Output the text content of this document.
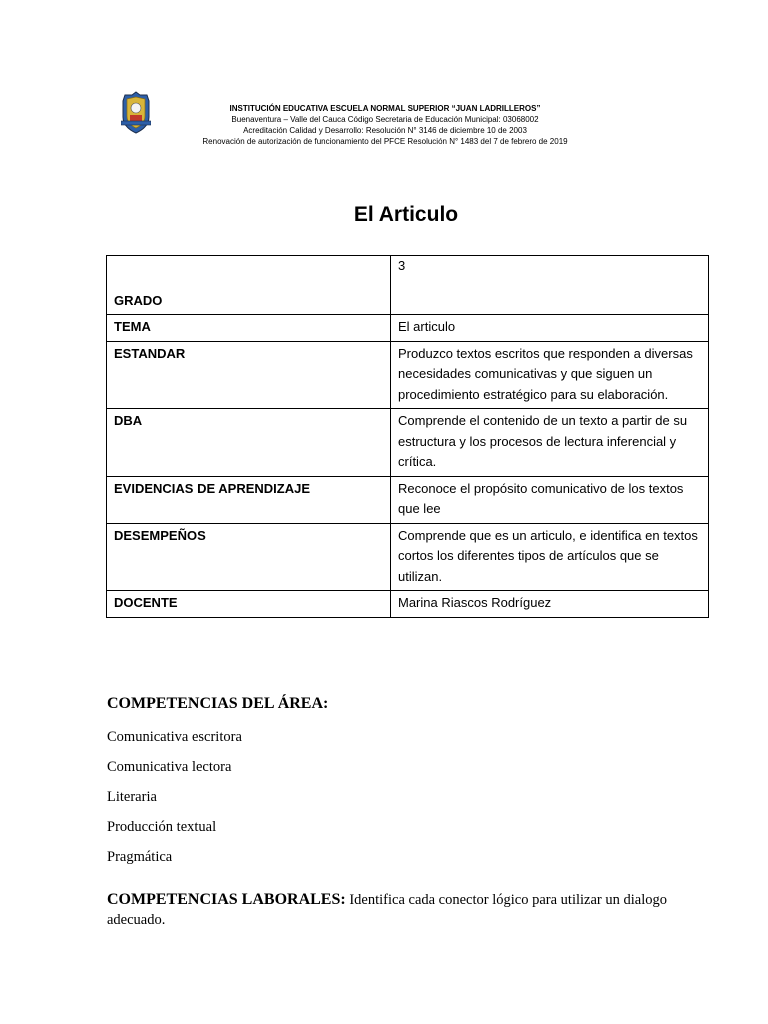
INSTITUCIÓN EDUCATIVA ESCUELA NORMAL SUPERIOR “JUAN LADRILLEROS”
Buenaventura – Valle del Cauca Código Secretaria de Educación Municipal: 03068002
Acreditación Calidad y Desarrollo: Resolución N° 3146 de diciembre 10 de 2003
Renovación de autorización de funcionamiento del PFCE Resolución N° 1483 del 7 de febrero de 2019
El Articulo
GRADO	3
TEMA	El articulo
ESTANDAR	Produzco textos escritos que responden a diversas necesidades comunicativas y que siguen un procedimiento estratégico para su elaboración.
DBA	Comprende el contenido de un texto a partir de su estructura y los procesos de lectura inferencial y crítica.
EVIDENCIAS DE APRENDIZAJE	Reconoce el propósito comunicativo de los textos que lee
DESEMPEÑOS	Comprende que es un articulo, e identifica en textos cortos los diferentes tipos de artículos que se utilizan.
DOCENTE	Marina Riascos Rodríguez
COMPETENCIAS DEL ÁREA:
Comunicativa escritora
Comunicativa lectora
Literaria
Producción textual
Pragmática
COMPETENCIAS LABORALES: Identifica cada conector lógico para utilizar un dialogo adecuado.
